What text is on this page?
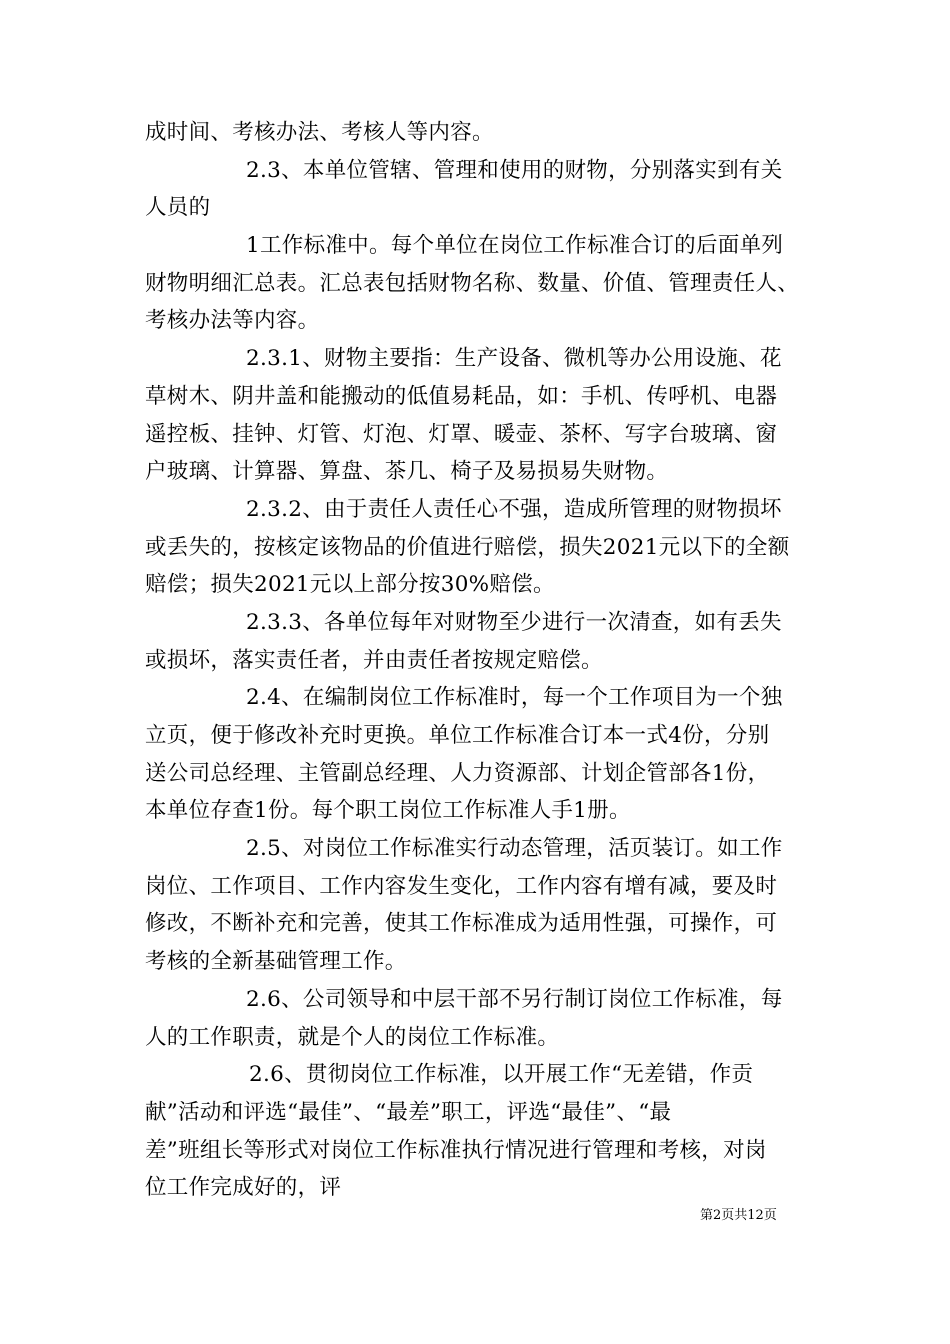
成时间、考核办法、考核人等内容。
2.3、本单位管辖、管理和使用的财物，分别落实到有关
人员的
1工作标准中。每个单位在岗位工作标准合订的后面单列
财物明细汇总表。汇总表包括财物名称、数量、价值、管理责任人、
考核办法等内容。
2.3.1、财物主要指：生产设备、微机等办公用设施、花
草树木、阴井盖和能搬动的低值易耗品，如：手机、传呼机、电器
遥控板、挂钟、灯管、灯泡、灯罩、暖壶、茶杯、写字台玻璃、窗
户玻璃、计算器、算盘、茶几、椅子及易损易失财物。
2.3.2、由于责任人责任心不强，造成所管理的财物损坏
或丢失的，按核定该物品的价值进行赔偿，损失2021元以下的全额
赔偿；损失2021元以上部分按30%赔偿。
2.3.3、各单位每年对财物至少进行一次清查，如有丢失
或损坏，落实责任者，并由责任者按规定赔偿。
2.4、在编制岗位工作标准时，每一个工作项目为一个独
立页，便于修改补充时更换。单位工作标准合订本一式4份，分别
送公司总经理、主管副总经理、人力资源部、计划企管部各1份，
本单位存查1份。每个职工岗位工作标准人手1册。
2.5、对岗位工作标准实行动态管理，活页装订。如工作
岗位、工作项目、工作内容发生变化，工作内容有增有减，要及时
修改，不断补充和完善，使其工作标准成为适用性强，可操作，可
考核的全新基础管理工作。
2.6、公司领导和中层干部不另行制订岗位工作标准，每
人的工作职责，就是个人的岗位工作标准。
2.6、贯彻岗位工作标准，以开展工作“无差错，作贡
献”活动和评选“最佳”、“最差”职工，评选“最佳”、“最
差”班组长等形式对岗位工作标准执行情况进行管理和考核，对岗
位工作完成好的，评
第2页共12页
